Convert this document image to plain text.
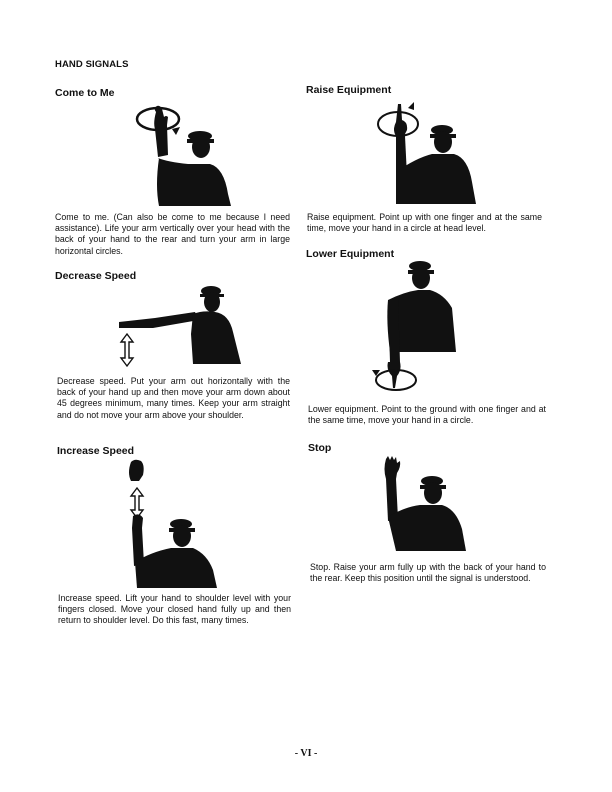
HAND SIGNALS
Come to Me
Come to me. (Can also be come to me because I need assistance). Life your arm vertically over your head with the back of your hand to the rear and turn your arm in large horizontal circles.
Decrease Speed
Decrease speed. Put your arm out horizontally with the back of your hand up and then move your arm down about 45 degrees minimum, many times. Keep your arm straight and do not move your arm above your shoulder.
Increase Speed
Increase speed. Lift your hand to shoulder level with your fingers closed. Move your closed hand fully up and then return to shoulder level. Do this fast, many times.
Raise Equipment
Raise equipment. Point up with one finger and at the same time, move your hand in a circle at head level.
Lower Equipment
Lower equipment. Point to the ground with one finger and at the same time, move your hand in a circle.
Stop
Stop. Raise your arm fully up with the back of your hand to the rear. Keep this position until the signal is understood.
- VI -
